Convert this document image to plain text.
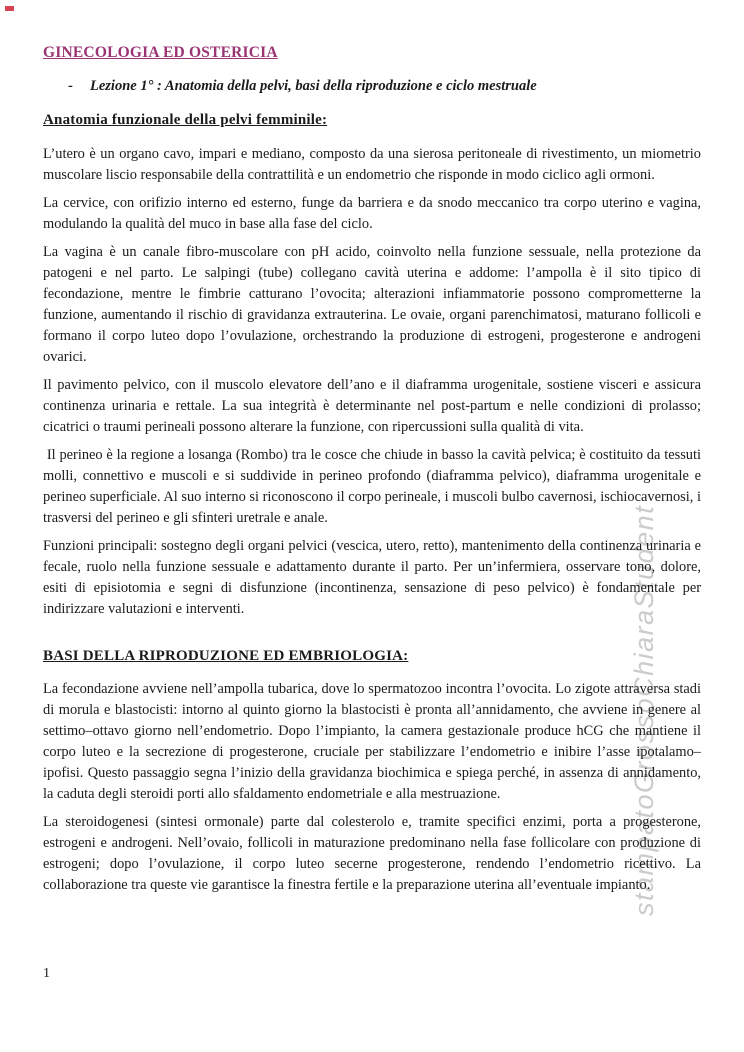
stampatoGrossoChiaraStudent
GINECOLOGIA ED OSTERICIA
-	Lezione 1° : Anatomia della pelvi, basi della riproduzione e ciclo mestruale
Anatomia funzionale della pelvi femminile:

L’utero è un organo cavo, impari e mediano, composto da una sierosa peritoneale di rivestimento, un miometrio muscolare liscio responsabile della contrattilità e un endometrio che risponde in modo ciclico agli ormoni.

La cervice, con orifizio interno ed esterno, funge da barriera e da snodo meccanico tra corpo uterino e vagina, modulando la qualità del muco in base alla fase del ciclo.

La vagina è un canale fibro-muscolare con pH acido, coinvolto nella funzione sessuale, nella protezione da patogeni e nel parto. Le salpingi (tube) collegano cavità uterina e addome: l’ampolla è il sito tipico di fecondazione, mentre le fimbrie catturano l’ovocita; alterazioni infiammatorie possono comprometterne la funzione, aumentando il rischio di gravidanza extrauterina. Le ovaie, organi parenchimatosi, maturano follicoli e formano il corpo luteo dopo l’ovulazione, orchestrando la produzione di estrogeni, progesterone e androgeni ovarici.

Il pavimento pelvico, con il muscolo elevatore dell’ano e il diaframma urogenitale, sostiene visceri e assicura continenza urinaria e rettale. La sua integrità è determinante nel post-partum e nelle condizioni di prolasso; cicatrici o traumi perineali possono alterare la funzione, con ripercussioni sulla qualità di vita.

Il perineo è la regione a losanga (Rombo) tra le cosce che chiude in basso la cavità pelvica; è costituito da tessuti molli, connettivo e muscoli e si suddivide in perineo profondo (diaframma pelvico), diaframma urogenitale e perineo superficiale. Al suo interno si riconoscono il corpo perineale, i muscoli bulbo cavernosi, ischiocavernosi, i trasversi del perineo e gli sfinteri uretrale e anale.

Funzioni principali: sostegno degli organi pelvici (vescica, utero, retto), mantenimento della continenza urinaria e fecale, ruolo nella funzione sessuale e adattamento durante il parto. Per un’infermiera, osservare tono, dolore, esiti di episiotomia e segni di disfunzione (incontinenza, sensazione di peso pelvico) è fondamentale per indirizzare valutazioni e interventi.

BASI DELLA RIPRODUZIONE ED EMBRIOLOGIA:

La fecondazione avviene nell’ampolla tubarica, dove lo spermatozoo incontra l’ovocita. Lo zigote attraversa stadi di morula e blastocisti: intorno al quinto giorno la blastocisti è pronta all’annidamento, che avviene in genere al settimo–ottavo giorno nell’endometrio. Dopo l’impianto, la camera gestazionale produce hCG che mantiene il corpo luteo e la secrezione di progesterone, cruciale per stabilizzare l’endometrio e inibire l’asse ipotalamo–ipofisi. Questo passaggio segna l’inizio della gravidanza biochimica e spiega perché, in assenza di annidamento, la caduta degli steroidi porti allo sfaldamento endometriale e alla mestruazione.

La steroidogenesi (sintesi ormonale) parte dal colesterolo e, tramite specifici enzimi, porta a progesterone, estrogeni e androgeni. Nell’ovaio, follicoli in maturazione predominano nella fase follicolare con produzione di estrogeni; dopo l’ovulazione, il corpo luteo secerne progesterone, rendendo l’endometrio ricettivo. La collaborazione tra queste vie garantisce la finestra fertile e la preparazione uterina all’eventuale impianto.

1
